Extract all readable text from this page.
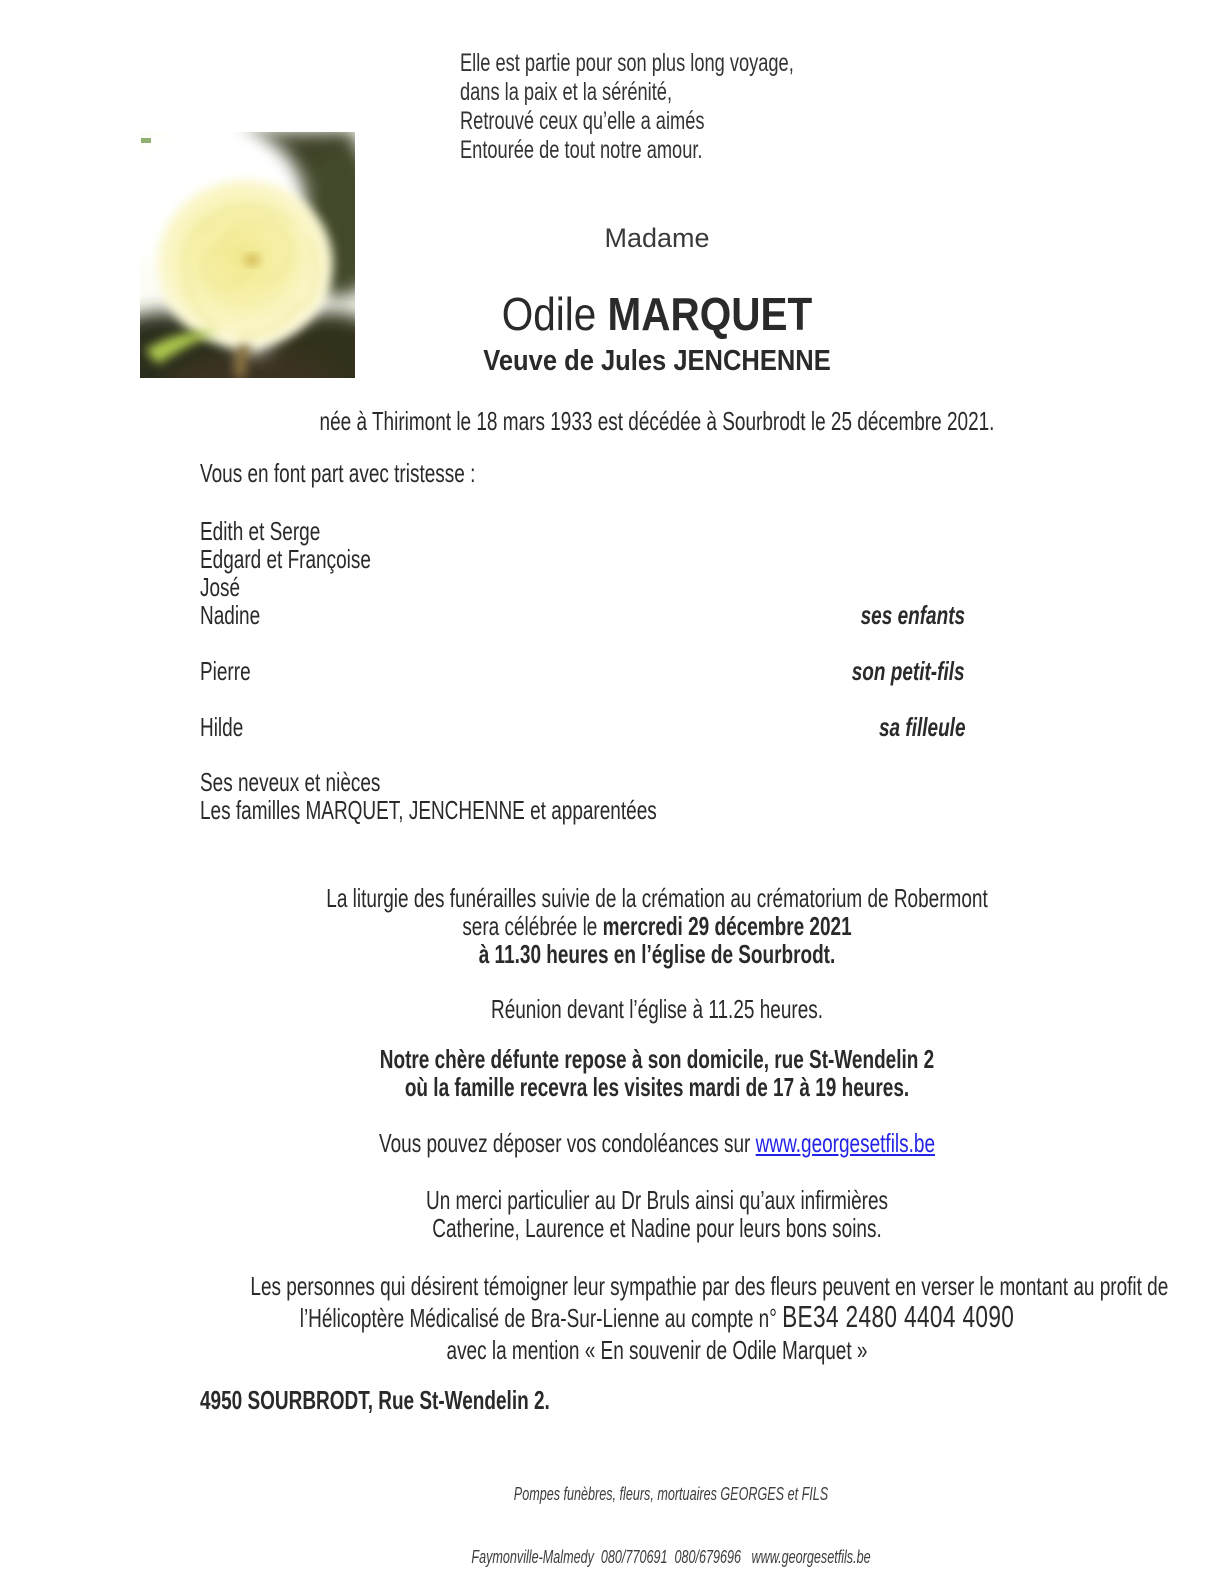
Elle est partie pour son plus long voyage,
dans la paix et la sérénité,
Retrouvé ceux qu’elle a aimés
Entourée de tout notre amour.
Madame
Odile MARQUET
Veuve de Jules JENCHENNE
née à Thirimont le 18 mars 1933 est décédée à Sourbrodt le 25 décembre 2021.
Vous en font part avec tristesse :
Edith et Serge
Edgard et Françoise
José
Nadine	ses enfants
Pierre	son petit-fils
Hilde	sa filleule
Ses neveux et nièces
Les familles MARQUET, JENCHENNE et apparentées
La liturgie des funérailles suivie de la crémation au crématorium de Robermont
sera célébrée le mercredi 29 décembre 2021
à 11.30 heures en l’église de Sourbrodt.
Réunion devant l’église à 11.25 heures.
Notre chère défunte repose à son domicile, rue St-Wendelin 2
où la famille recevra les visites mardi de 17 à 19 heures.
Vous pouvez déposer vos condoléances sur www.georgesetfils.be
Un merci particulier au Dr Bruls ainsi qu’aux infirmières
Catherine, Laurence et Nadine pour leurs bons soins.
Les personnes qui désirent témoigner leur sympathie par des fleurs peuvent en verser le montant au profit de
l’Hélicoptère Médicalisé de Bra-Sur-Lienne au compte n° BE34 2480 4404 4090
avec la mention « En souvenir de Odile Marquet »
4950 SOURBRODT, Rue St-Wendelin 2.

Pompes funèbres, fleurs, mortuaires GEORGES et FILS

Faymonville-Malmedy  080/770691  080/679696   www.georgesetfils.be
